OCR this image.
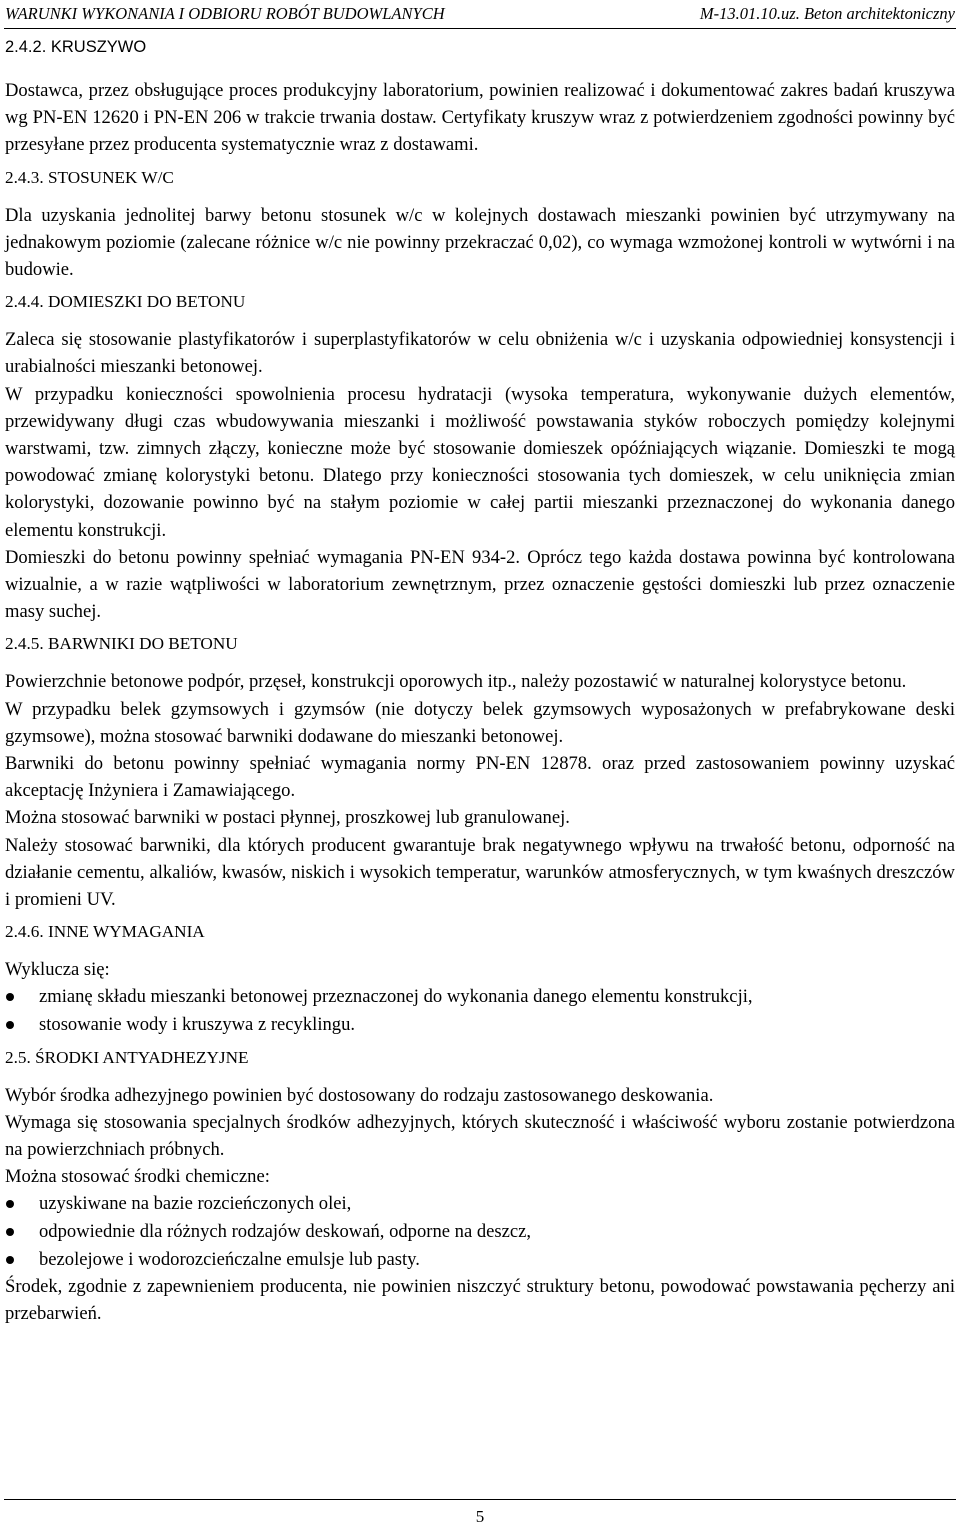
WARUNKI WYKONANIA I ODBIORU ROBÓT BUDOWLANYCH	M-13.01.10.uz. Beton architektoniczny
2.4.2. KRUSZYWO

Dostawca, przez obsługujące proces produkcyjny laboratorium, powinien realizować i dokumentować zakres badań kruszywa wg PN-EN 12620 i PN-EN 206 w trakcie trwania dostaw. Certyfikaty kruszyw wraz z potwierdzeniem zgodności powinny być przesyłane przez producenta systematycznie wraz z dostawami.

2.4.3. STOSUNEK W/C

Dla uzyskania jednolitej barwy betonu stosunek w/c w kolejnych dostawach mieszanki powinien być utrzymywany na jednakowym poziomie (zalecane różnice w/c nie powinny przekraczać 0,02), co wymaga wzmożonej kontroli w wytwórni i na budowie.

2.4.4. DOMIESZKI DO BETONU

Zaleca się stosowanie plastyfikatorów i superplastyfikatorów w celu obniżenia w/c i uzyskania odpowiedniej konsystencji i urabialności mieszanki betonowej.

W przypadku konieczności spowolnienia procesu hydratacji (wysoka temperatura, wykonywanie dużych elementów, przewidywany długi czas wbudowywania mieszanki i możliwość powstawania styków roboczych pomiędzy kolejnymi warstwami, tzw. zimnych złączy, konieczne może być stosowanie domieszek opóźniających wiązanie. Domieszki te mogą powodować zmianę kolorystyki betonu. Dlatego przy konieczności stosowania tych domieszek, w celu uniknięcia zmian kolorystyki, dozowanie powinno być na stałym poziomie w całej partii mieszanki przeznaczonej do wykonania danego elementu konstrukcji.

Domieszki do betonu powinny spełniać wymagania PN-EN 934-2. Oprócz tego każda dostawa powinna być kontrolowana wizualnie, a w razie wątpliwości w laboratorium zewnętrznym, przez oznaczenie gęstości domieszki lub przez oznaczenie masy suchej.

2.4.5. BARWNIKI DO BETONU

Powierzchnie betonowe podpór, przęseł, konstrukcji oporowych itp., należy pozostawić w naturalnej kolorystyce betonu.

W przypadku belek gzymsowych i gzymsów (nie dotyczy belek gzymsowych wyposażonych w prefabrykowane deski gzymsowe), można stosować barwniki dodawane do mieszanki betonowej.

Barwniki do betonu powinny spełniać wymagania normy PN-EN 12878. oraz przed zastosowaniem powinny uzyskać akceptację Inżyniera i Zamawiającego.

Można stosować barwniki w postaci płynnej, proszkowej lub granulowanej.

Należy stosować barwniki, dla których producent gwarantuje brak negatywnego wpływu na trwałość betonu, odporność na działanie cementu, alkaliów, kwasów, niskich i wysokich temperatur, warunków atmosferycznych, w tym kwaśnych dreszczów i promieni UV.

2.4.6. INNE WYMAGANIA

Wyklucza się:

zmianę składu mieszanki betonowej przeznaczonej do wykonania danego elementu konstrukcji,
stosowanie wody i kruszywa z recyklingu.
2.5. ŚRODKI ANTYADHEZYJNE

Wybór środka adhezyjnego powinien być dostosowany do rodzaju zastosowanego deskowania.

Wymaga się stosowania specjalnych środków adhezyjnych, których skuteczność i właściwość wyboru zostanie potwierdzona na powierzchniach próbnych.

Można stosować środki chemiczne:

uzyskiwane na bazie rozcieńczonych olei,
odpowiednie dla różnych rodzajów deskowań, odporne na deszcz,
bezolejowe i wodorozcieńczalne emulsje lub pasty.

Środek, zgodnie z zapewnieniem producenta, nie powinien niszczyć struktury betonu, powodować powstawania pęcherzy ani przebarwień.

5
